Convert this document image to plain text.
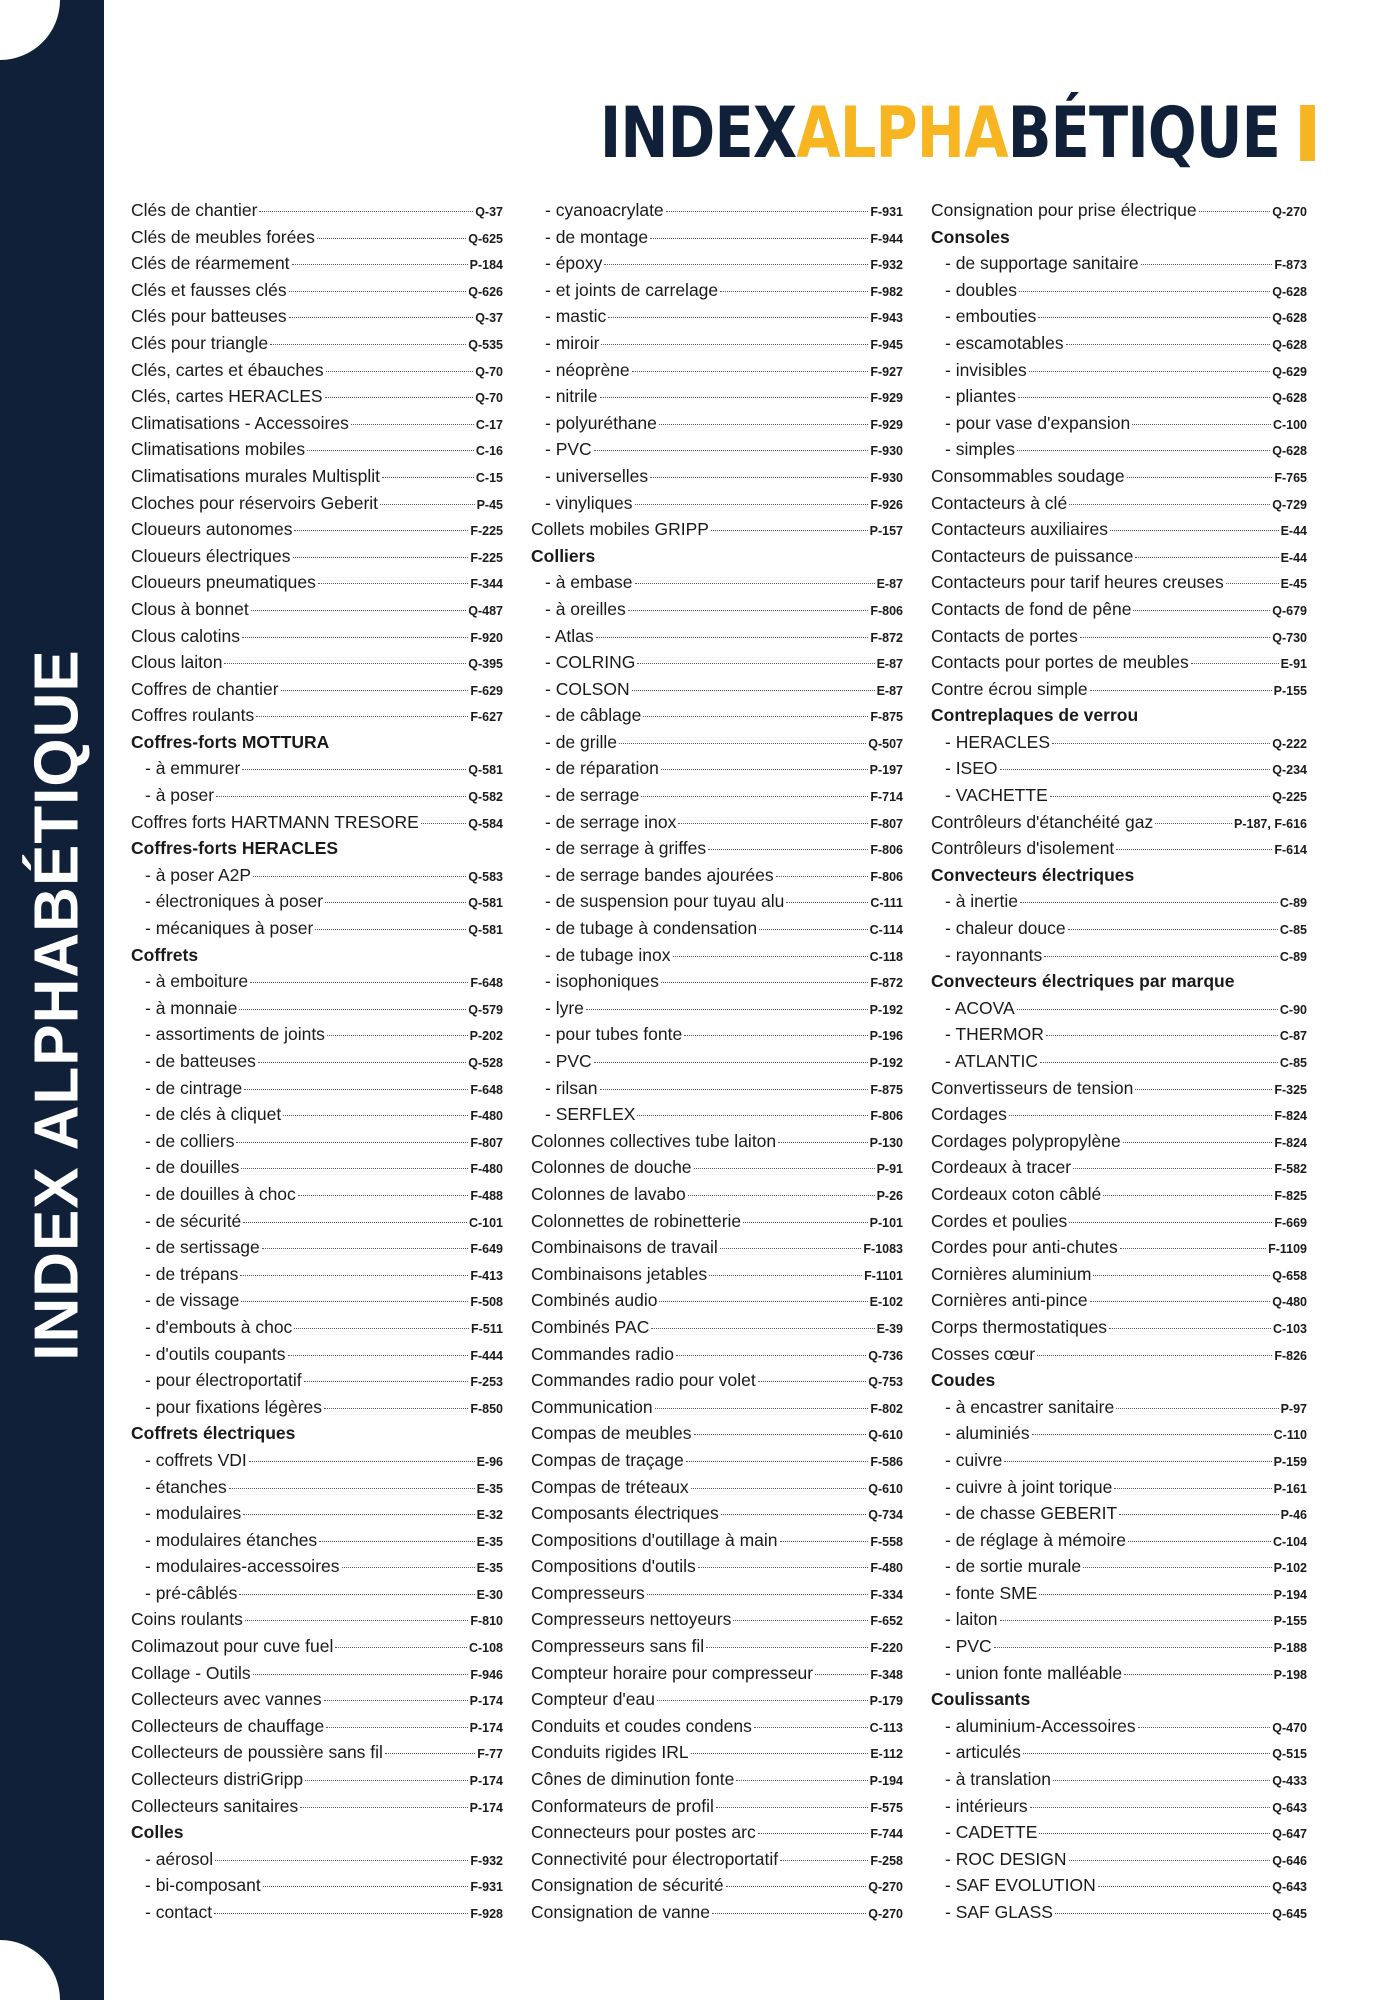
INDEX ALPHABÉTIQUE
INDEX ALPHA BÉTIQUE
Clés de chantier	Q-37
Clés de meubles forées	Q-625
Clés de réarmement	P-184
Clés et fausses clés	Q-626
Clés pour batteuses	Q-37
Clés pour triangle	Q-535
Clés, cartes et ébauches	Q-70
Clés, cartes HERACLES	Q-70
Climatisations - Accessoires	C-17
Climatisations mobiles	C-16
Climatisations murales Multisplit	C-15
Cloches pour réservoirs Geberit	P-45
Cloueurs autonomes	F-225
Cloueurs électriques	F-225
Cloueurs pneumatiques	F-344
Clous à bonnet	Q-487
Clous calotins	F-920
Clous laiton	Q-395
Coffres de chantier	F-629
Coffres roulants	F-627
Coffres-forts MOTTURA
- à emmurer	Q-581
- à poser	Q-582
Coffres forts HARTMANN TRESORE	Q-584
Coffres-forts HERACLES
- à poser A2P	Q-583
- électroniques à poser	Q-581
- mécaniques à poser	Q-581
Coffrets
- à emboiture	F-648
- à monnaie	Q-579
- assortiments de joints	P-202
- de batteuses	Q-528
- de cintrage	F-648
- de clés à cliquet	F-480
- de colliers	F-807
- de douilles	F-480
- de douilles à choc	F-488
- de sécurité	C-101
- de sertissage	F-649
- de trépans	F-413
- de vissage	F-508
- d'embouts à choc	F-511
- d'outils coupants	F-444
- pour électroportatif	F-253
- pour fixations légères	F-850
Coffrets électriques
- coffrets VDI	E-96
- étanches	E-35
- modulaires	E-32
- modulaires étanches	E-35
- modulaires-accessoires	E-35
- pré-câblés	E-30
Coins roulants	F-810
Colimazout pour cuve fuel	C-108
Collage - Outils	F-946
Collecteurs avec vannes	P-174
Collecteurs de chauffage	P-174
Collecteurs de poussière sans fil	F-77
Collecteurs distriGripp	P-174
Collecteurs sanitaires	P-174
Colles
- aérosol	F-932
- bi-composant	F-931
- contact	F-928
- cyanoacrylate	F-931
- de montage	F-944
- époxy	F-932
- et joints de carrelage	F-982
- mastic	F-943
- miroir	F-945
- néoprène	F-927
- nitrile	F-929
- polyuréthane	F-929
- PVC	F-930
- universelles	F-930
- vinyliques	F-926
Collets mobiles GRIPP	P-157
Colliers
- à embase	E-87
- à oreilles	F-806
- Atlas	F-872
- COLRING	E-87
- COLSON	E-87
- de câblage	F-875
- de grille	Q-507
- de réparation	P-197
- de serrage	F-714
- de serrage inox	F-807
- de serrage à griffes	F-806
- de serrage bandes ajourées	F-806
- de suspension pour tuyau alu	C-111
- de tubage à condensation	C-114
- de tubage inox	C-118
- isophoniques	F-872
- lyre	P-192
- pour tubes fonte	P-196
- PVC	P-192
- rilsan	F-875
- SERFLEX	F-806
Colonnes collectives tube laiton	P-130
Colonnes de douche	P-91
Colonnes de lavabo	P-26
Colonnettes de robinetterie	P-101
Combinaisons de travail	F-1083
Combinaisons jetables	F-1101
Combinés audio	E-102
Combinés PAC	E-39
Commandes radio	Q-736
Commandes radio pour volet	Q-753
Communication	F-802
Compas de meubles	Q-610
Compas de traçage	F-586
Compas de tréteaux	Q-610
Composants électriques	Q-734
Compositions d'outillage à main	F-558
Compositions d'outils	F-480
Compresseurs	F-334
Compresseurs nettoyeurs	F-652
Compresseurs sans fil	F-220
Compteur horaire pour compresseur	F-348
Compteur d'eau	P-179
Conduits et coudes condens	C-113
Conduits rigides IRL	E-112
Cônes de diminution fonte	P-194
Conformateurs de profil	F-575
Connecteurs pour postes arc	F-744
Connectivité pour électroportatif	F-258
Consignation de sécurité	Q-270
Consignation de vanne	Q-270
Consignation pour prise électrique	Q-270
Consoles
- de supportage sanitaire	F-873
- doubles	Q-628
- embouties	Q-628
- escamotables	Q-628
- invisibles	Q-629
- pliantes	Q-628
- pour vase d'expansion	C-100
- simples	Q-628
Consommables soudage	F-765
Contacteurs à clé	Q-729
Contacteurs auxiliaires	E-44
Contacteurs de puissance	E-44
Contacteurs pour tarif heures creuses	E-45
Contacts de fond de pêne	Q-679
Contacts de portes	Q-730
Contacts pour portes de meubles	E-91
Contre écrou simple	P-155
Contreplaques de verrou
- HERACLES	Q-222
- ISEO	Q-234
- VACHETTE	Q-225
Contrôleurs d'étanchéité gaz	P-187, F-616
Contrôleurs d'isolement	F-614
Convecteurs électriques
- à inertie	C-89
- chaleur douce	C-85
- rayonnants	C-89
Convecteurs électriques par marque
- ACOVA	C-90
- THERMOR	C-87
- ATLANTIC	C-85
Convertisseurs de tension	F-325
Cordages	F-824
Cordages polypropylène	F-824
Cordeaux à tracer	F-582
Cordeaux coton câblé	F-825
Cordes et poulies	F-669
Cordes pour anti-chutes	F-1109
Cornières aluminium	Q-658
Cornières anti-pince	Q-480
Corps thermostatiques	C-103
Cosses cœur	F-826
Coudes
- à encastrer sanitaire	P-97
- aluminiés	C-110
- cuivre	P-159
- cuivre à joint torique	P-161
- de chasse GEBERIT	P-46
- de réglage à mémoire	C-104
- de sortie murale	P-102
- fonte SME	P-194
- laiton	P-155
- PVC	P-188
- union fonte malléable	P-198
Coulissants
- aluminium-Accessoires	Q-470
- articulés	Q-515
- à translation	Q-433
- intérieurs	Q-643
- CADETTE	Q-647
- ROC DESIGN	Q-646
- SAF EVOLUTION	Q-643
- SAF GLASS	Q-645
